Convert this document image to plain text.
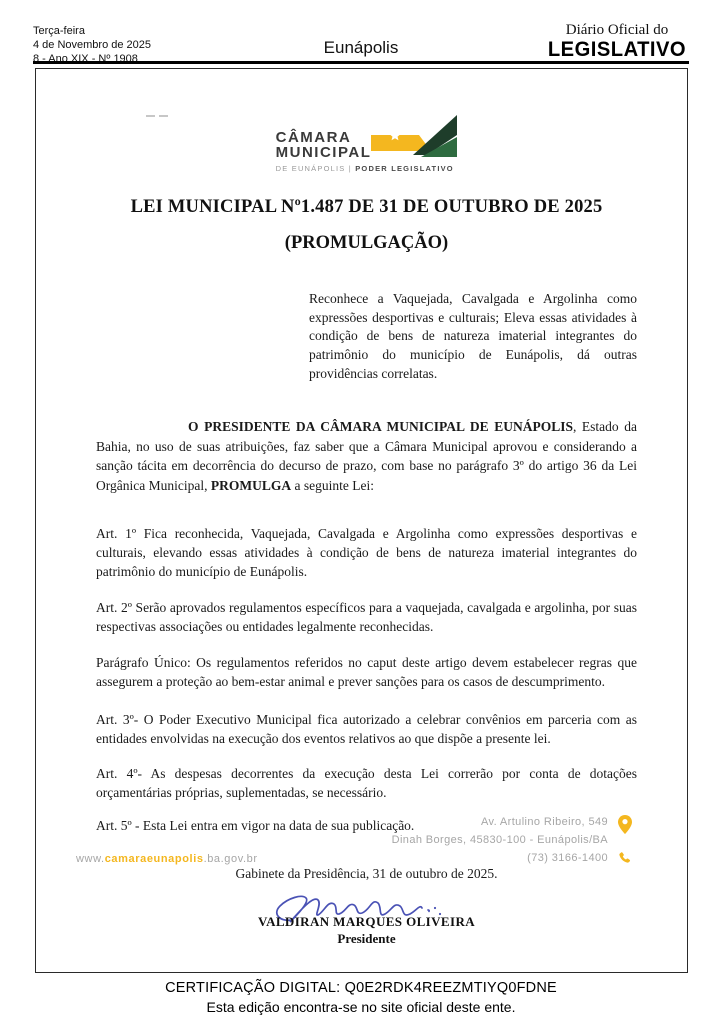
Terça-feira
4 de Novembro de 2025
8 - Ano XIX - Nº 1908
Eunápolis
Diário Oficial do
LEGISLATIVO
CÂMARA
MUNICIPAL
DE EUNÁPOLIS | PODER LEGISLATIVO
LEI MUNICIPAL Nº1.487 DE 31 DE OUTUBRO DE 2025
(PROMULGAÇÃO)

Reconhece a Vaquejada, Cavalgada e Argolinha como expressões desportivas e culturais; Eleva essas atividades à condição de bens de natureza imaterial integrantes do patrimônio do município de Eunápolis, dá outras providências correlatas.

O PRESIDENTE DA CÂMARA MUNICIPAL DE EUNÁPOLIS, Estado da Bahia, no uso de suas atribuições, faz saber que a Câmara Municipal aprovou e considerando a sanção tácita em decorrência do decurso de prazo, com base no parágrafo 3º do artigo 36 da Lei Orgânica Municipal, PROMULGA a seguinte Lei:

Art. 1º Fica reconhecida, Vaquejada, Cavalgada e Argolinha como expressões desportivas e culturais, elevando essas atividades à condição de bens de natureza imaterial integrantes do patrimônio do município de Eunápolis.

Art. 2º Serão aprovados regulamentos específicos para a vaquejada, cavalgada e argolinha, por suas respectivas associações ou entidades legalmente reconhecidas.

Parágrafo Único: Os regulamentos referidos no caput deste artigo devem estabelecer regras que assegurem a proteção ao bem-estar animal e prever sanções para os casos de descumprimento.

Art. 3º- O Poder Executivo Municipal fica autorizado a celebrar convênios em parceria com as entidades envolvidas na execução dos eventos relativos ao que dispõe a presente lei.

Art. 4º- As despesas decorrentes da execução desta Lei correrão por conta de dotações orçamentárias próprias, suplementadas, se necessário.

Art. 5º - Esta Lei entra em vigor na data de sua publicação.

Gabinete da Presidência, 31 de outubro de 2025.

VALDIRAN MARQUES OLIVEIRA
Presidente
www.camaraeunapolis.ba.gov.br
Av. Artulino Ribeiro, 549
Dinah Borges, 45830-100 - Eunápolis/BA
(73) 3166-1400
CERTIFICAÇÃO DIGITAL: Q0E2RDK4REEZMTIYQ0FDNE
Esta edição encontra-se no site oficial deste ente.
